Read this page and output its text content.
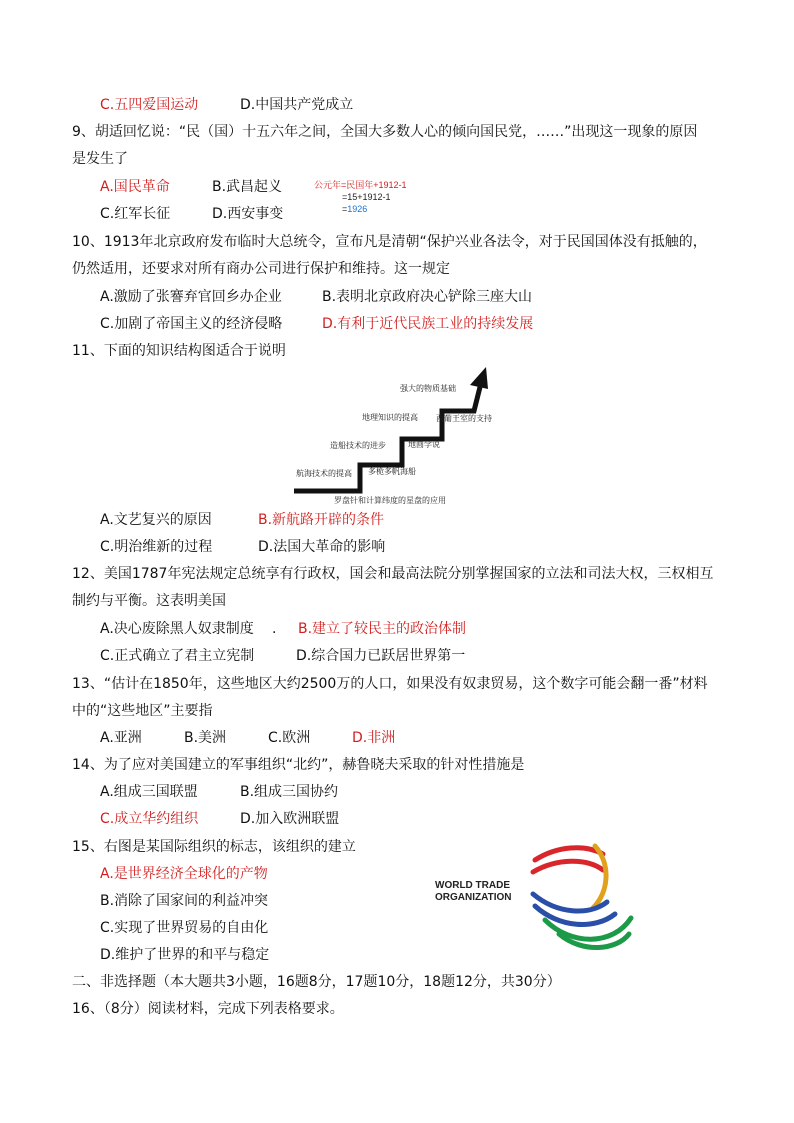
C.五四爱国运动	D.中国共产党成立
9、胡适回忆说：“民（国）十五六年之间，全国大多数人心的倾向国民党，……”出现这一现象的原因
是发生了
A.国民革命	B.武昌起义
C.红军长征	D.西安事变
公元年=民国年+1912-1
=15+1912-1
=1926
10、1913年北京政府发布临时大总统令，宣布凡是清朝“保护兴业各法令，对于民国国体没有抵触的，
仍然适用，还要求对所有商办公司进行保护和维持。这一规定
A.激励了张謇弃官回乡办企业	B.表明北京政府决心铲除三座大山
C.加剧了帝国主义的经济侵略	D.有利于近代民族工业的持续发展
11、下面的知识结构图适合于说明
航海技术的提高
造船技术的进步
地理知识的提高
强大的物质基础
罗盘针和计算纬度的星盘的应用
多桅多帆海船
地圆学说
西葡王室的支持
A.文艺复兴的原因	B.新航路开辟的条件
C.明治维新的过程	D.法国大革命的影响
12、美国1787年宪法规定总统享有行政权，国会和最高法院分别掌握国家的立法和司法大权，三权相互
制约与平衡。这表明美国
A.决心废除黑人奴隶制度 . B.建立了较民主的政治体制
C.正式确立了君主立宪制	D.综合国力已跃居世界第一
13、“估计在1850年，这些地区大约2500万的人口，如果没有奴隶贸易，这个数字可能会翻一番”材料
中的“这些地区”主要指
A.亚洲	B.美洲	C.欧洲	D.非洲
14、为了应对美国建立的军事组织“北约”，赫鲁晓夫采取的针对性措施是
A.组成三国联盟	B.组成三国协约
C.成立华约组织	D.加入欧洲联盟
15、右图是某国际组织的标志，该组织的建立
A.是世界经济全球化的产物
B.消除了国家间的利益冲突
C.实现了世界贸易的自由化
D.维护了世界的和平与稳定
WORLD TRADE
ORGANIZATION
二、非选择题（本大题共3小题，16题8分，17题10分，18题12分，共30分）
16、（8分）阅读材料，完成下列表格要求。
